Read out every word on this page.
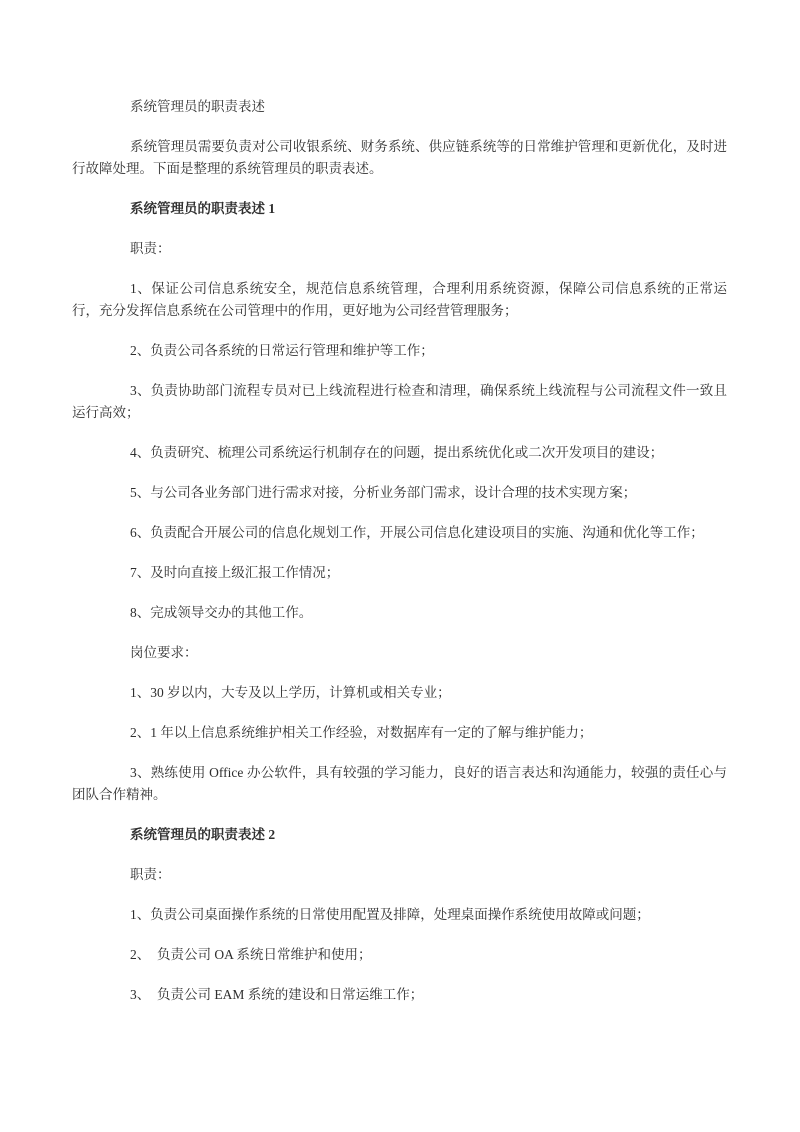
系统管理员的职责表述

系统管理员需要负责对公司收银系统、财务系统、供应链系统等的日常维护管理和更新优化，及时进行故障处理。下面是整理的系统管理员的职责表述。

系统管理员的职责表述 1

职责：

1、保证公司信息系统安全，规范信息系统管理，合理利用系统资源，保障公司信息系统的正常运行，充分发挥信息系统在公司管理中的作用，更好地为公司经营管理服务；

2、负责公司各系统的日常运行管理和维护等工作；

3、负责协助部门流程专员对已上线流程进行检查和清理，确保系统上线流程与公司流程文件一致且运行高效；

4、负责研究、梳理公司系统运行机制存在的问题，提出系统优化或二次开发项目的建设；

5、与公司各业务部门进行需求对接，分析业务部门需求，设计合理的技术实现方案；

6、负责配合开展公司的信息化规划工作，开展公司信息化建设项目的实施、沟通和优化等工作；

7、及时向直接上级汇报工作情况；

8、完成领导交办的其他工作。

岗位要求：

1、30 岁以内，大专及以上学历，计算机或相关专业；

2、1 年以上信息系统维护相关工作经验，对数据库有一定的了解与维护能力；

3、熟练使用 Office 办公软件，具有较强的学习能力，良好的语言表达和沟通能力，较强的责任心与团队合作精神。

系统管理员的职责表述 2

职责：

1、负责公司桌面操作系统的日常使用配置及排障，处理桌面操作系统使用故障或问题；

2、  负责公司 OA 系统日常维护和使用；

3、  负责公司 EAM 系统的建设和日常运维工作；
